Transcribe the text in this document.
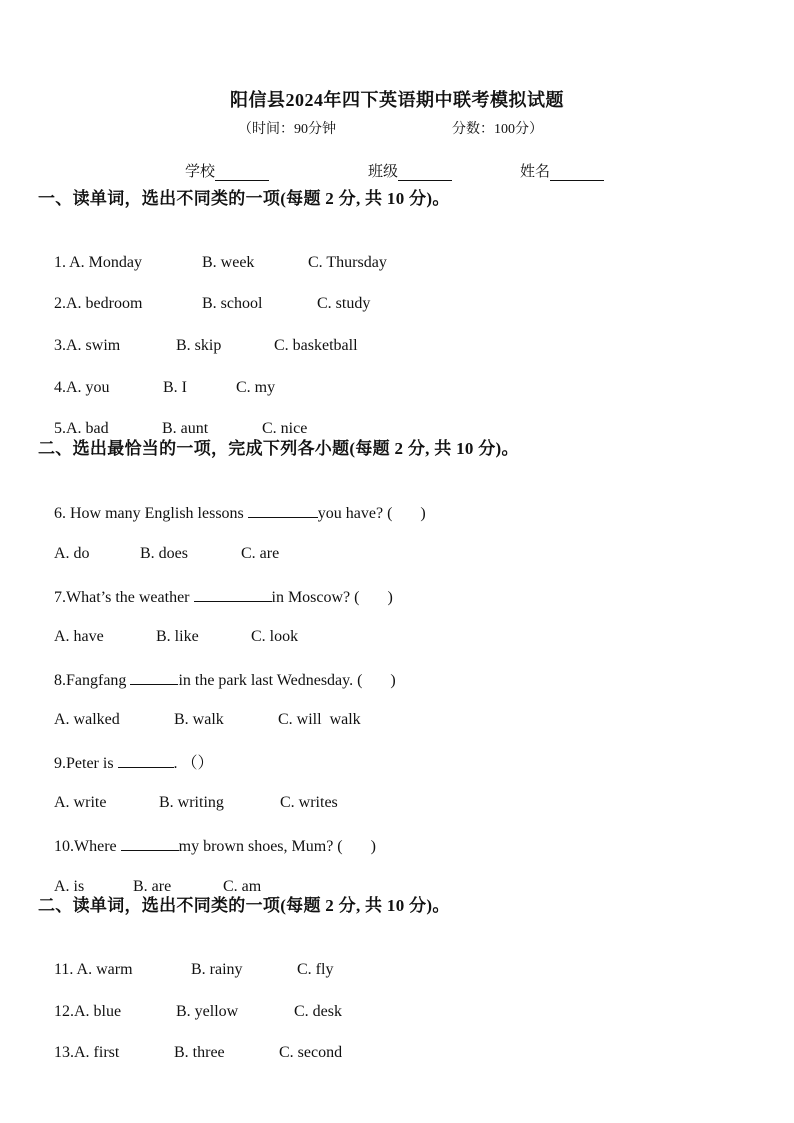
阳信县2024年四下英语期中联考模拟试题
（时间：90分钟	分数：100分）
学校	班级	姓名
一、读单词，选出不同类的一项(每题 2 分, 共 10 分)。

1. A. Monday	B. week	C. Thursday

2.A. bedroom	B. school	C. study

3.A. swim	B. skip	C. basketball

4.A. you	B. I	C. my

5.A. bad	B. aunt	C. nice

二、选出最恰当的一项，完成下列各小题(每题 2 分, 共 10 分)。

6. How many English lessons	you have? (       )

A. do	B. does	C. are

7.What’s the weather	in Moscow? (       )

A. have	B. like	C. look

8.Fangfang	in the park last Wednesday. (       )

A. walked	B. walk	C. will  walk

9.Peter is	. （）

A. write	B. writing	C. writes

10.Where	my brown shoes, Mum? (       )

A. is	B. are	C. am

二、读单词，选出不同类的一项(每题 2 分, 共 10 分)。

11. A. warm	B. rainy	C. fly

12.A. blue	B. yellow	C. desk

13.A. first	B. three	C. second
